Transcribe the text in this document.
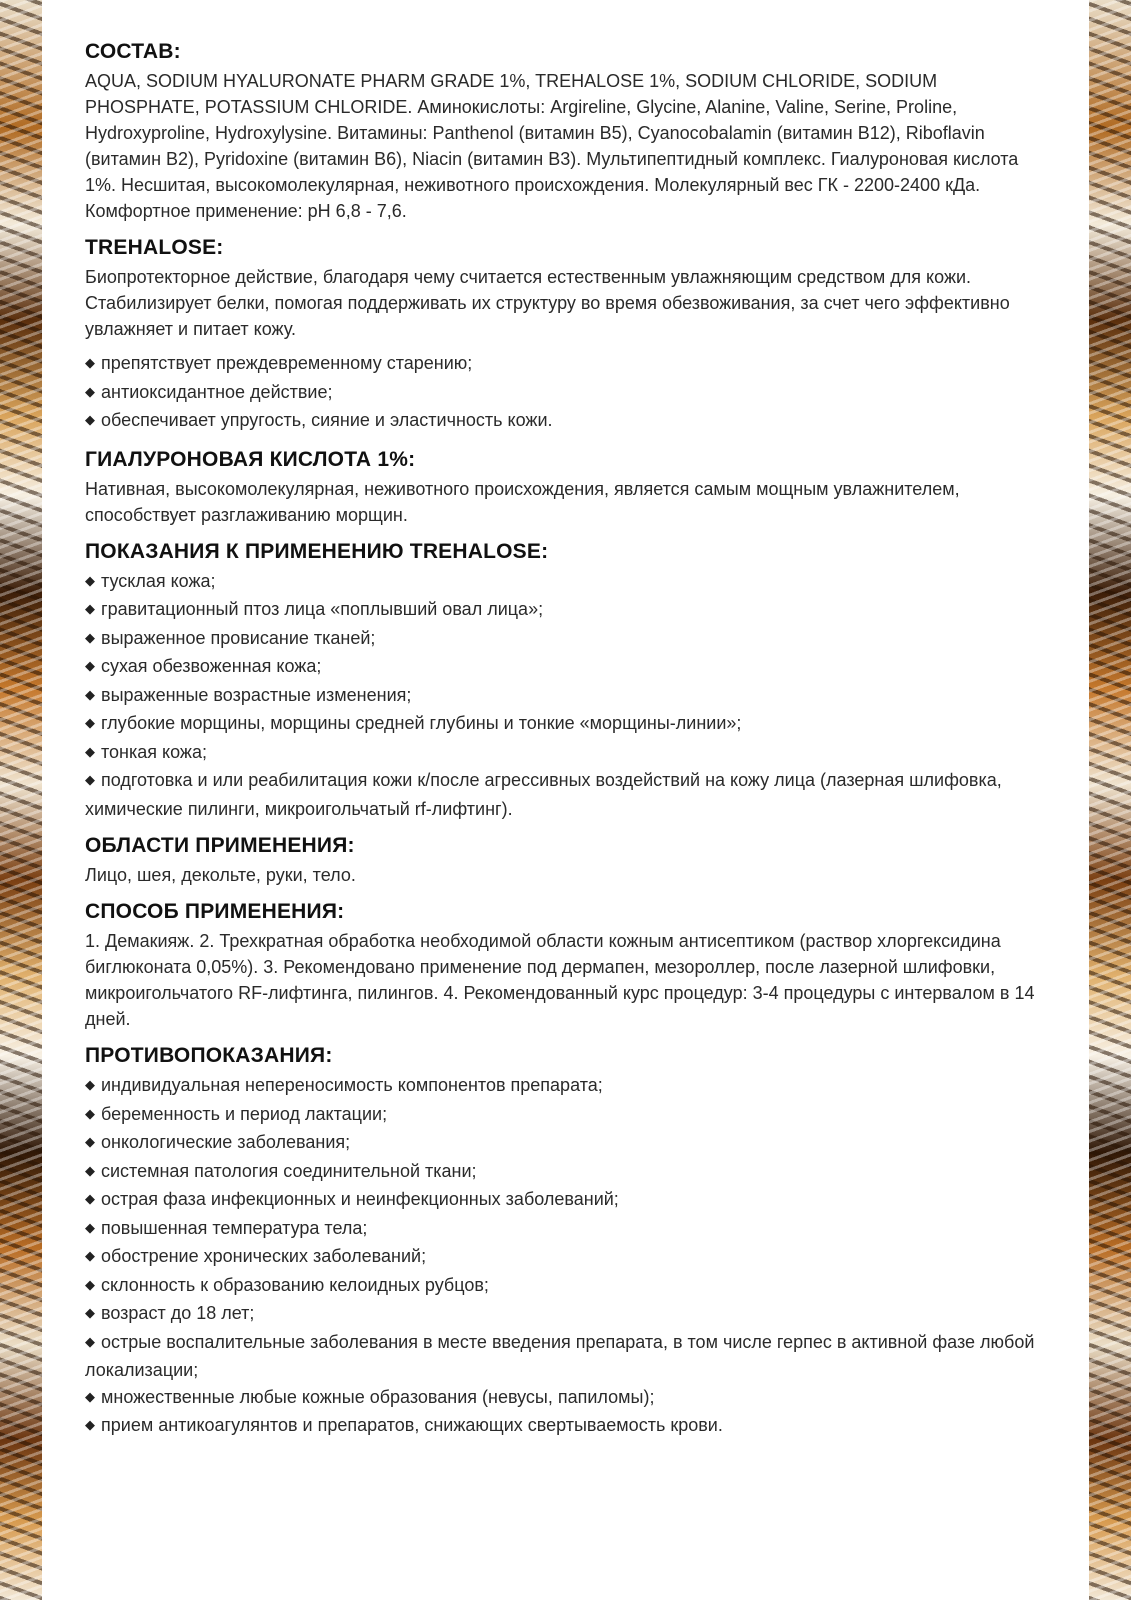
СОСТАВ:

AQUA, SODIUM HYALURONATE PHARM GRADE 1%, TREHALOSE 1%, SODIUM CHLORIDE, SODIUM PHOSPHATE, POTASSIUM CHLORIDE. Аминокислоты: Argireline, Glycine, Alanine, Valine, Serine, Proline, Hydroxyproline, Hydroxylysine. Витамины: Panthenol (витамин B5), Cyanocobalamin (витамин B12), Riboflavin (витамин B2), Pyridoxine (витамин B6), Niacin (витамин B3). Мультипептидный комплекс. Гиалуроновая кислота 1%. Несшитая, высокомолекулярная, неживотного происхождения. Молекулярный вес ГК - 2200-2400 кДа. Комфортное применение: pH 6,8 - 7,6.

TREHALOSE:

Биопротекторное действие, благодаря чему считается естественным увлажняющим средством для кожи. Стабилизирует белки, помогая поддерживать их структуру во время обезвоживания, за счет чего эффективно увлажняет и питает кожу.

◆ препятствует преждевременному старению;
◆ антиоксидантное действие;
◆ обеспечивает упругость, сияние и эластичность кожи.
ГИАЛУРОНОВАЯ КИСЛОТА 1%:

Нативная, высокомолекулярная, неживотного происхождения, является самым мощным увлажнителем, способствует разглаживанию морщин.

ПОКАЗАНИЯ К ПРИМЕНЕНИЮ TREHALOSE:
◆ тусклая кожа;
◆ гравитационный птоз лица «поплывший овал лица»;
◆ выраженное провисание тканей;
◆ сухая обезвоженная кожа;
◆ выраженные возрастные изменения;
◆ глубокие морщины, морщины средней глубины и тонкие «морщины-линии»;
◆ тонкая кожа;
◆ подготовка и или реабилитация кожи к/после агрессивных воздействий на кожу лица (лазерная шлифовка, химические пилинги, микроигольчатый rf-лифтинг).
ОБЛАСТИ ПРИМЕНЕНИЯ:

Лицо, шея, декольте, руки, тело.

СПОСОБ ПРИМЕНЕНИЯ:

1. Демакияж. 2. Трехкратная обработка необходимой области кожным антисептиком (раствор хлоргексидина биглюконата 0,05%). 3. Рекомендовано применение под дермапен, мезороллер, после лазерной шлифовки, микроигольчатого RF-лифтинга, пилингов. 4. Рекомендованный курс процедур: 3-4 процедуры с интервалом в 14 дней.

ПРОТИВОПОКАЗАНИЯ:
◆ индивидуальная непереносимость компонентов препарата;
◆ беременность и период лактации;
◆ онкологические заболевания;
◆ системная патология соединительной ткани;
◆ острая фаза инфекционных и неинфекционных заболеваний;
◆ повышенная температура тела;
◆ обострение хронических заболеваний;
◆ склонность к образованию келоидных рубцов;
◆ возраст до 18 лет;
◆ острые воспалительные заболевания в месте введения препарата, в том числе герпес в активной фазе любой локализации;
◆ множественные любые кожные образования (невусы, папиломы);
◆ прием антикоагулянтов и препаратов, снижающих свертываемость крови.
